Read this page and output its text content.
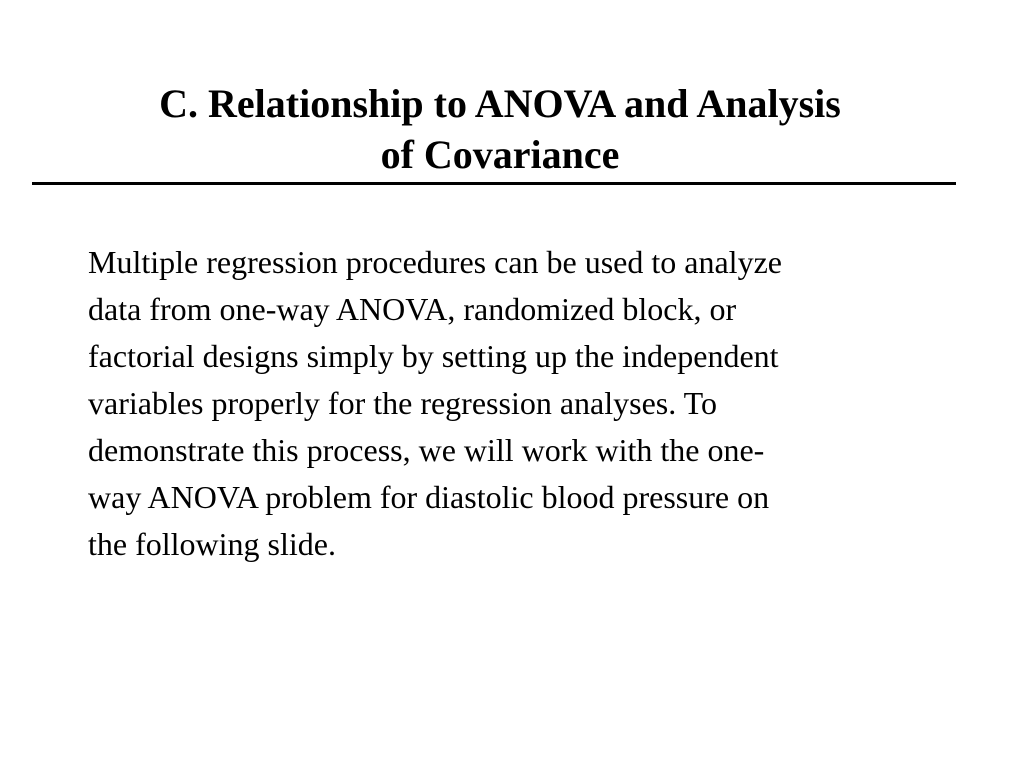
C. Relationship to ANOVA and Analysis
of Covariance

Multiple regression procedures can be used to analyze
data from one-way ANOVA, randomized block, or
factorial designs simply by setting up the independent
variables properly for the regression analyses. To
demonstrate this process, we will work with the one-
way ANOVA problem for diastolic blood pressure on
the following slide.
